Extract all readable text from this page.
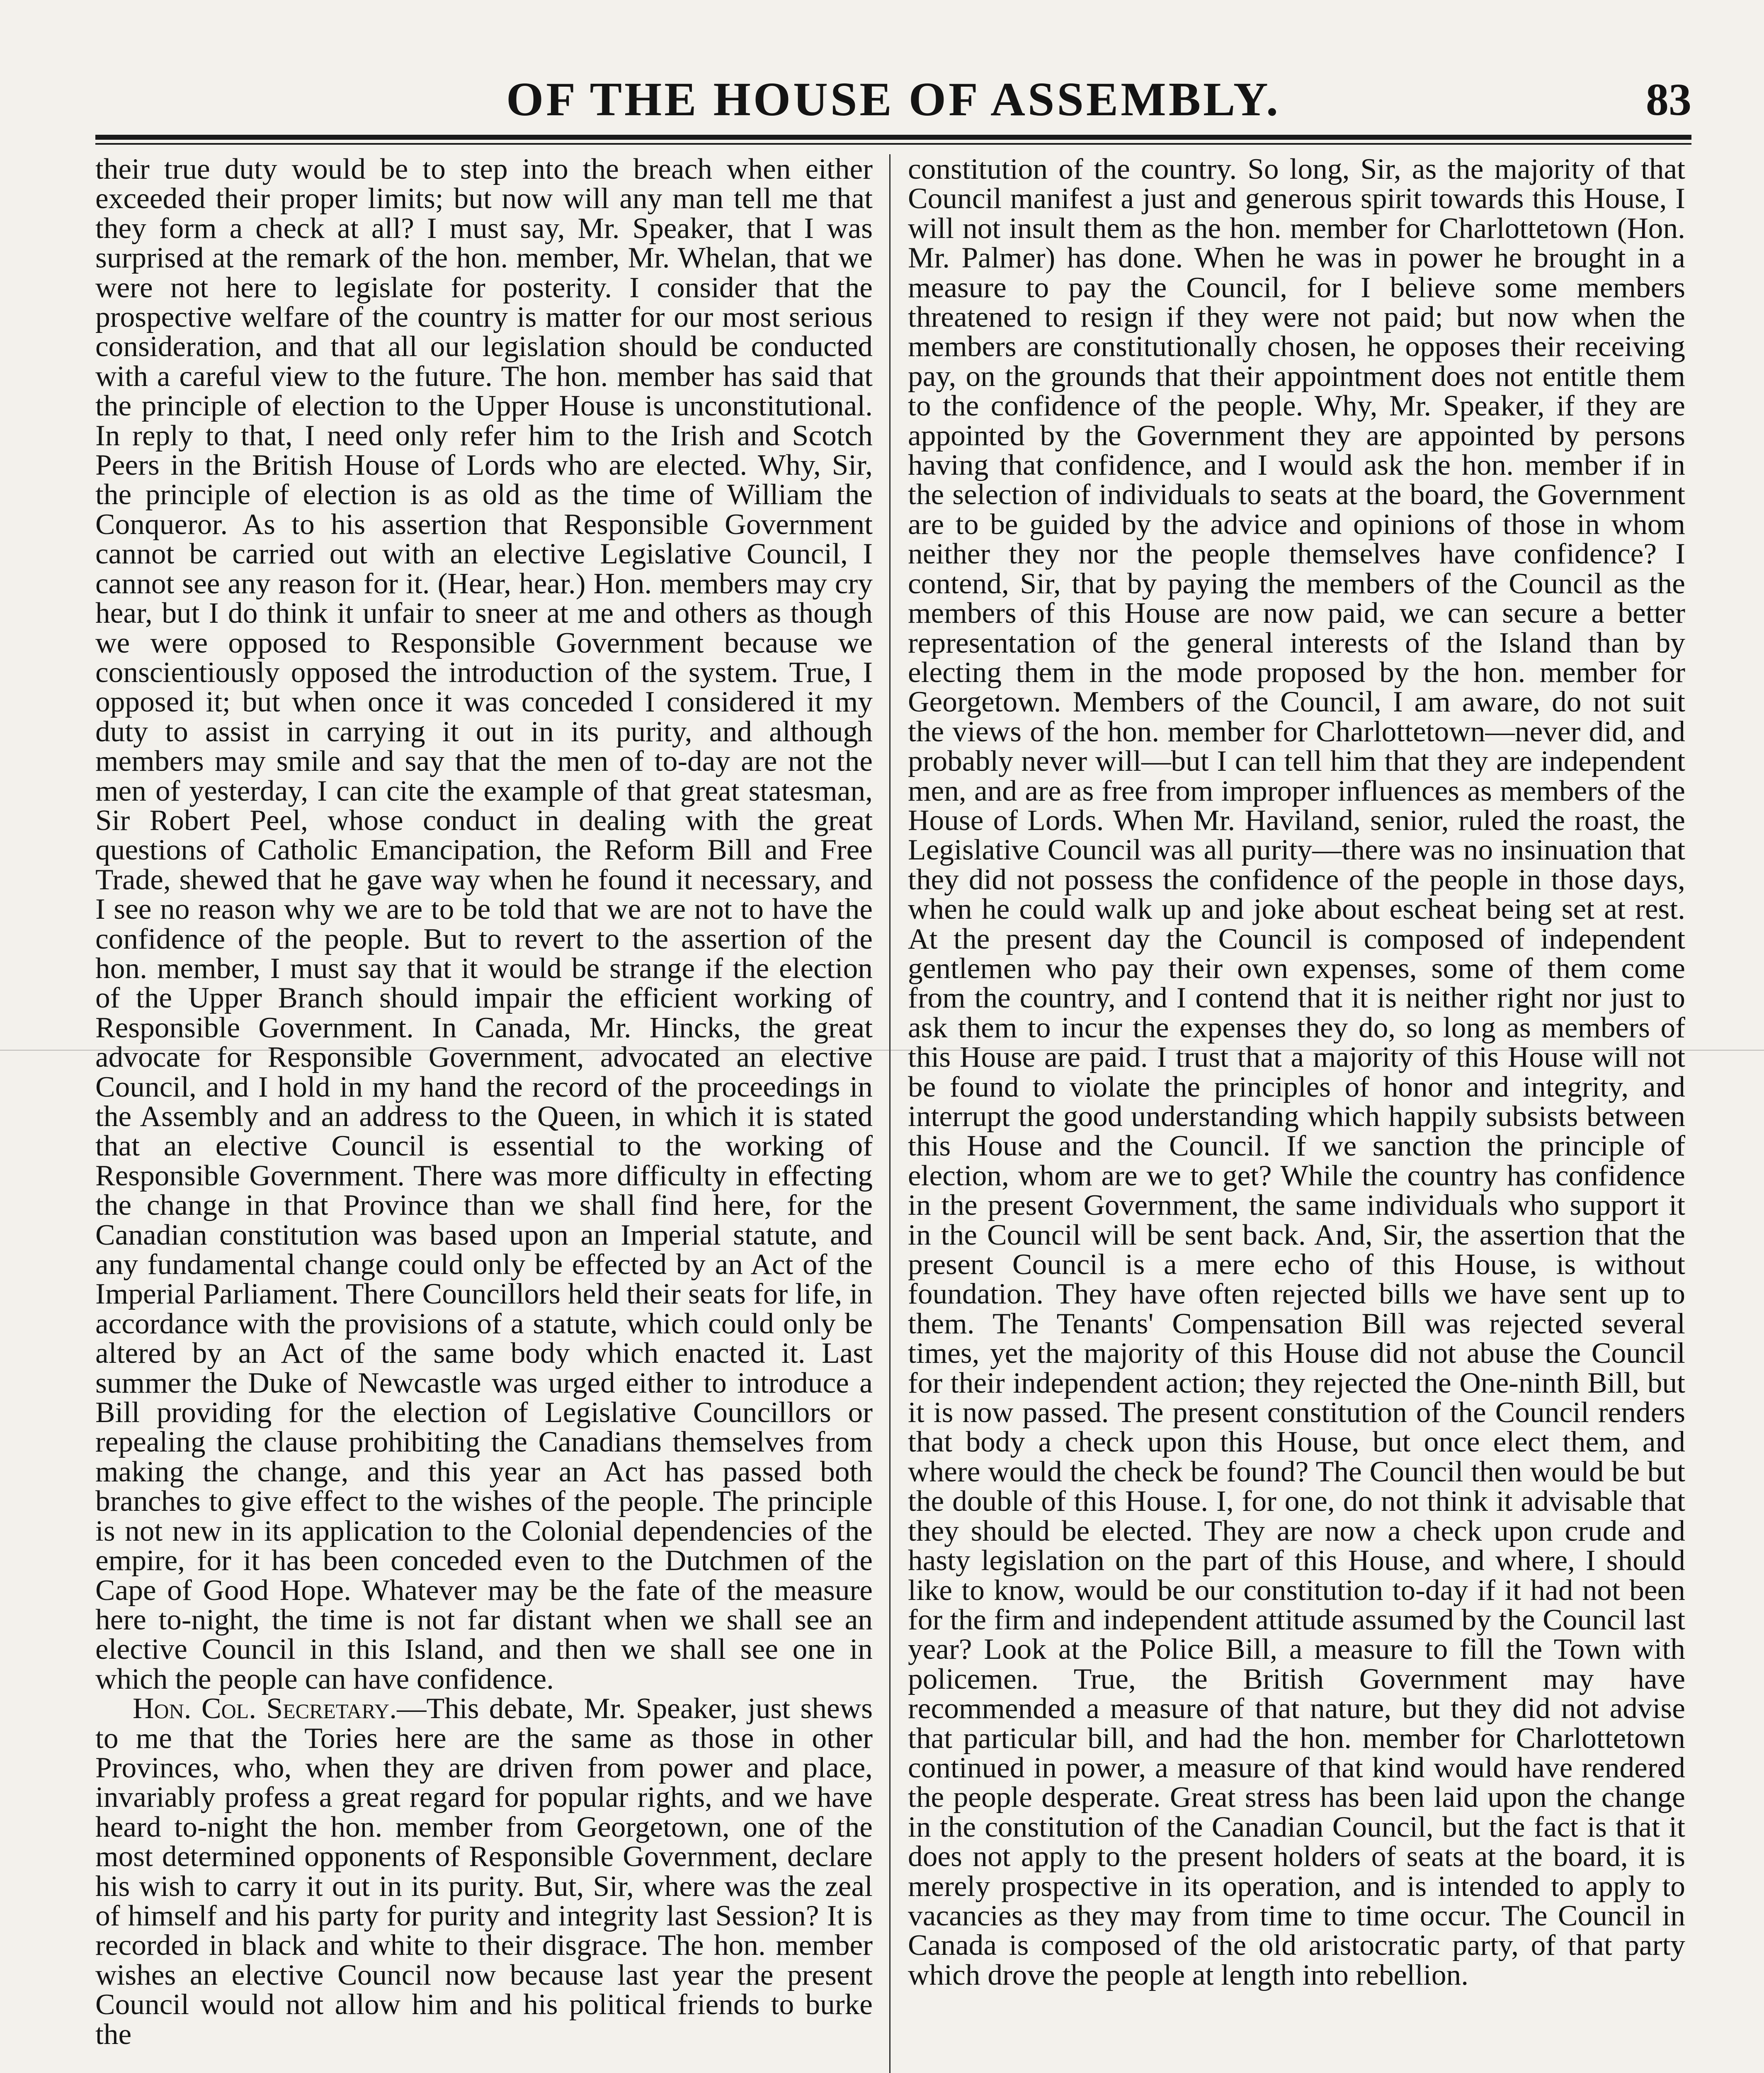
OF THE HOUSE OF ASSEMBLY.	83

their true duty would be to step into the breach when either exceeded their proper limits; but now will any man tell me that they form a check at all? I must say, Mr. Speaker, that I was surprised at the remark of the hon. member, Mr. Whelan, that we were not here to legislate for posterity. I consider that the prospective welfare of the country is matter for our most serious consideration, and that all our legislation should be conducted with a careful view to the future. The hon. member has said that the principle of election to the Upper House is unconstitutional. In reply to that, I need only refer him to the Irish and Scotch Peers in the British House of Lords who are elected. Why, Sir, the principle of election is as old as the time of William the Conqueror. As to his assertion that Responsible Government cannot be carried out with an elective Legislative Council, I cannot see any reason for it. (Hear, hear.) Hon. members may cry hear, but I do think it unfair to sneer at me and others as though we were opposed to Responsible Government because we conscientiously opposed the introduction of the system. True, I opposed it; but when once it was conceded I considered it my duty to assist in carrying it out in its purity, and although members may smile and say that the men of to-day are not the men of yesterday, I can cite the example of that great statesman, Sir Robert Peel, whose conduct in dealing with the great questions of Catholic Emancipation, the Reform Bill and Free Trade, shewed that he gave way when he found it necessary, and I see no reason why we are to be told that we are not to have the confidence of the people. But to revert to the assertion of the hon. member, I must say that it would be strange if the election of the Upper Branch should impair the efficient working of Responsible Government. In Canada, Mr. Hincks, the great advocate for Responsible Government, advocated an elective Council, and I hold in my hand the record of the proceedings in the Assembly and an address to the Queen, in which it is stated that an elective Council is essential to the working of Responsible Government. There was more difficulty in effecting the change in that Province than we shall find here, for the Canadian constitution was based upon an Imperial statute, and any fundamental change could only be effected by an Act of the Imperial Parliament. There Councillors held their seats for life, in accordance with the provisions of a statute, which could only be altered by an Act of the same body which enacted it. Last summer the Duke of Newcastle was urged either to introduce a Bill providing for the election of Legislative Councillors or repealing the clause prohibiting the Canadians themselves from making the change, and this year an Act has passed both branches to give effect to the wishes of the people. The principle is not new in its application to the Colonial dependencies of the empire, for it has been conceded even to the Dutchmen of the Cape of Good Hope. Whatever may be the fate of the measure here to-night, the time is not far distant when we shall see an elective Council in this Island, and then we shall see one in which the people can have confidence.

Hon. Col. Secretary.—This debate, Mr. Speaker, just shews to me that the Tories here are the same as those in other Provinces, who, when they are driven from power and place, invariably profess a great regard for popular rights, and we have heard to-night the hon. member from Georgetown, one of the most determined opponents of Responsible Government, declare his wish to carry it out in its purity. But, Sir, where was the zeal of himself and his party for purity and integrity last Session? It is recorded in black and white to their disgrace. The hon. member wishes an elective Council now because last year the present Council would not allow him and his political friends to burke the

constitution of the country. So long, Sir, as the majority of that Council manifest a just and generous spirit towards this House, I will not insult them as the hon. member for Charlottetown (Hon. Mr. Palmer) has done. When he was in power he brought in a measure to pay the Council, for I believe some members threatened to resign if they were not paid; but now when the members are constitutionally chosen, he opposes their receiving pay, on the grounds that their appointment does not entitle them to the confidence of the people. Why, Mr. Speaker, if they are appointed by the Government they are appointed by persons having that confidence, and I would ask the hon. member if in the selection of individuals to seats at the board, the Government are to be guided by the advice and opinions of those in whom neither they nor the people themselves have confidence? I contend, Sir, that by paying the members of the Council as the members of this House are now paid, we can secure a better representation of the general interests of the Island than by electing them in the mode proposed by the hon. member for Georgetown. Members of the Council, I am aware, do not suit the views of the hon. member for Charlottetown—never did, and probably never will—but I can tell him that they are independent men, and are as free from improper influences as members of the House of Lords. When Mr. Haviland, senior, ruled the roast, the Legislative Council was all purity—there was no insinuation that they did not possess the confidence of the people in those days, when he could walk up and joke about escheat being set at rest. At the present day the Council is composed of independent gentlemen who pay their own expenses, some of them come from the country, and I contend that it is neither right nor just to ask them to incur the expenses they do, so long as members of this House are paid. I trust that a majority of this House will not be found to violate the principles of honor and integrity, and interrupt the good understanding which happily subsists between this House and the Council. If we sanction the principle of election, whom are we to get? While the country has confidence in the present Government, the same individuals who support it in the Council will be sent back. And, Sir, the assertion that the present Council is a mere echo of this House, is without foundation. They have often rejected bills we have sent up to them. The Tenants' Compensation Bill was rejected several times, yet the majority of this House did not abuse the Council for their independent action; they rejected the One-ninth Bill, but it is now passed. The present constitution of the Council renders that body a check upon this House, but once elect them, and where would the check be found? The Council then would be but the double of this House. I, for one, do not think it advisable that they should be elected. They are now a check upon crude and hasty legislation on the part of this House, and where, I should like to know, would be our constitution to-day if it had not been for the firm and independent attitude assumed by the Council last year? Look at the Police Bill, a measure to fill the Town with policemen. True, the British Government may have recommended a measure of that nature, but they did not advise that particular bill, and had the hon. member for Charlottetown continued in power, a measure of that kind would have rendered the people desperate. Great stress has been laid upon the change in the constitution of the Canadian Council, but the fact is that it does not apply to the present holders of seats at the board, it is merely prospective in its operation, and is intended to apply to vacancies as they may from time to time occur. The Council in Canada is composed of the old aristocratic party, of that party which drove the people at length into rebellion.
